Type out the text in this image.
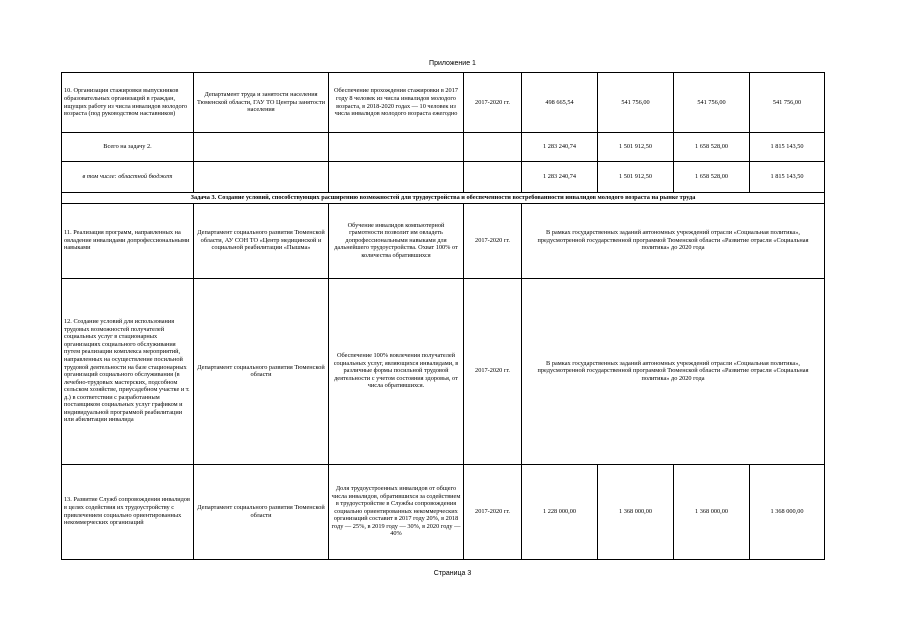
Приложение 1
10. Организация стажировки выпускников образовательных организаций в граждан, ищущих работу из числа инвалидов молодого возраста (под руководством наставников)	Департамент труда и занятости населения Тюменской области, ГАУ ТО Центры занятости населения	Обеспечение прохождения стажировки в 2017 году 8 человек из числа инвалидов молодого возраста, в 2018-2020 годах — 10 человек из числа инвалидов молодого возраста ежегодно	2017-2020 гг.	498 665,54	541 756,00	541 756,00	541 756,00
Всего на задачу 2.				1 283 240,74	1 501 912,50	1 658 528,00	1 815 143,50
в том числе: областной бюджет				1 283 240,74	1 501 912,50	1 658 528,00	1 815 143,50
Задача 3. Создание условий, способствующих расширению возможностей для трудоустройства и обеспеченности востребованности инвалидов молодого возраста на рынке труда							
11. Реализация программ, направленных на овладение инвалидами допрофессиональными навыками	Департамент социального развития Тюменской области, АУ СОН ТО «Центр медицинской и социальной реабилитации «Пышма»	Обучение инвалидов компьютерной грамотности позволит им овладеть допрофессиональными навыками для дальнейшего трудоустройства. Охват 100% от количества обратившихся	2017-2020 гг.	В рамках государственных заданий автономных учреждений отрасли «Социальная политика», предусмотренной государственной программой Тюменской области «Развитие отрасли «Социальная политика» до 2020 года			
12. Создание условий для использования трудовых возможностей получателей социальных услуг в стационарных организациях социального обслуживания путем реализации комплекса мероприятий, направленных на осуществление посильной трудовой деятельности на базе стационарных организаций социального обслуживания (в лечебно-трудовых мастерских, подсобном сельском хозяйстве, приусадебном участке и т. д.) в соответствии с разработанным поставщиком социальных услуг графиком и индивидуальной программой реабилитации или абилитации инвалида	Департамент социального развития Тюменской области	Обеспечение 100% вовлечения получателей социальных услуг, являющихся инвалидами, в различные формы посильной трудовой деятельности с учетом состояния здоровья, от числа обратившихся.	2017-2020 гг.	В рамках государственных заданий автономных учреждений отрасли «Социальная политика», предусмотренной государственной программой Тюменской области «Развитие отрасли «Социальная политика» до 2020 года			
13. Развитие Служб сопровождения инвалидов в целях содействия их трудоустройству с привлечением социально ориентированных некоммерческих организаций	Департамент социального развития Тюменской области	Доля трудоустроенных инвалидов от общего числа инвалидов, обратившихся за содействием в трудоустройстве в Службы сопровождения социально ориентированных некоммерческих организаций составит в 2017 году 20%, в 2018 году — 25%, в 2019 году — 30%, в 2020 году — 40%	2017-2020 гг.	1 228 000,00	1 368 000,00	1 368 000,00	1 368 000,00
Страница 3
